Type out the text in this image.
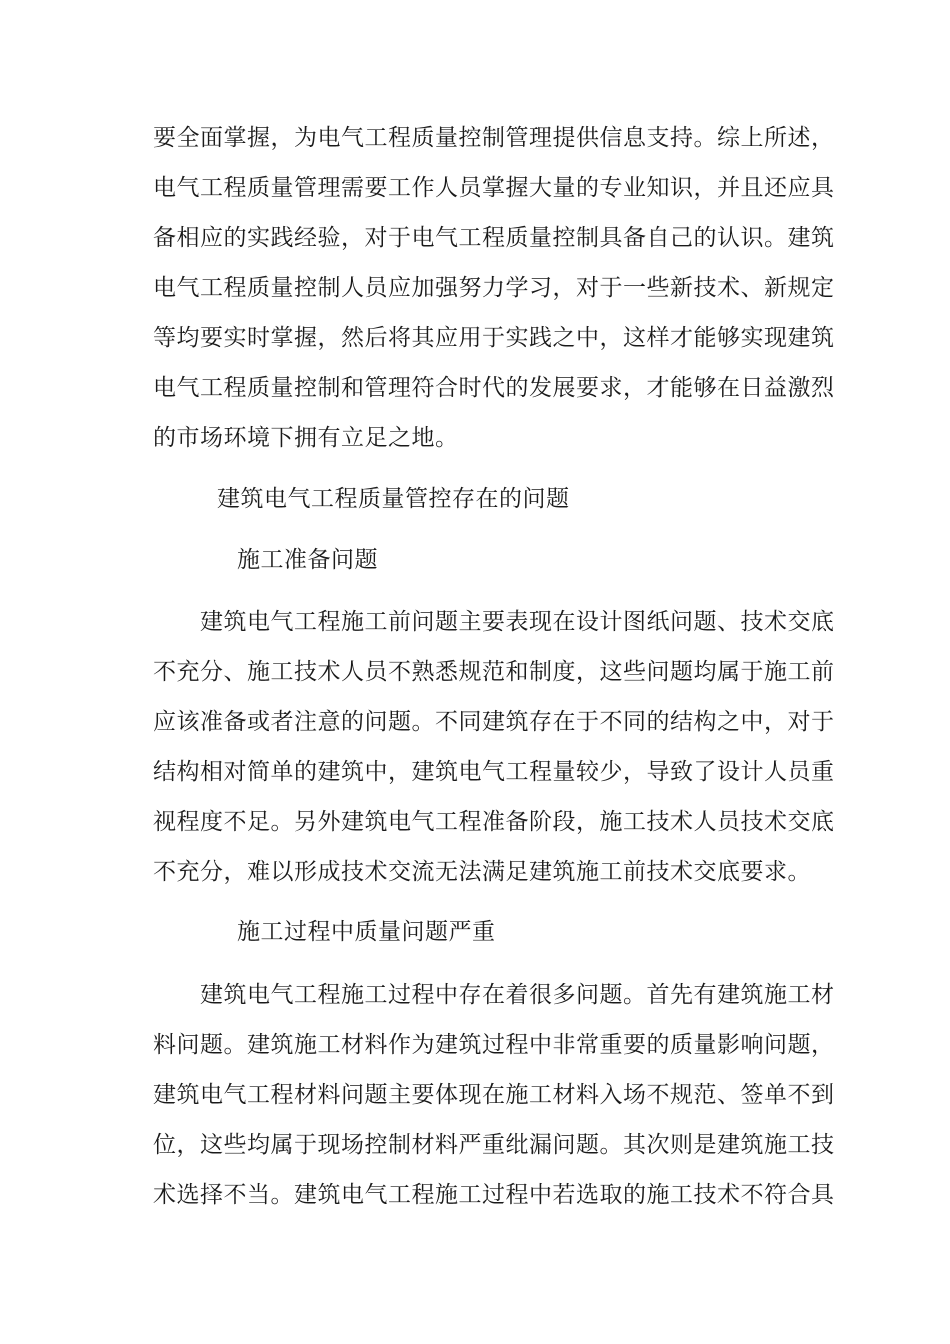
要全面掌握，为电气工程质量控制管理提供信息支持。综上所述，
电气工程质量管理需要工作人员掌握大量的专业知识，并且还应具
备相应的实践经验，对于电气工程质量控制具备自己的认识。建筑
电气工程质量控制人员应加强努力学习，对于一些新技术、新规定
等均要实时掌握，然后将其应用于实践之中，这样才能够实现建筑
电气工程质量控制和管理符合时代的发展要求，才能够在日益激烈
的市场环境下拥有立足之地。
建筑电气工程质量管控存在的问题
施工准备问题
建筑电气工程施工前问题主要表现在设计图纸问题、技术交底
不充分、施工技术人员不熟悉规范和制度，这些问题均属于施工前
应该准备或者注意的问题。不同建筑存在于不同的结构之中，对于
结构相对简单的建筑中，建筑电气工程量较少，导致了设计人员重
视程度不足。另外建筑电气工程准备阶段，施工技术人员技术交底
不充分，难以形成技术交流无法满足建筑施工前技术交底要求。
施工过程中质量问题严重
建筑电气工程施工过程中存在着很多问题。首先有建筑施工材
料问题。建筑施工材料作为建筑过程中非常重要的质量影响问题，
建筑电气工程材料问题主要体现在施工材料入场不规范、签单不到
位，这些均属于现场控制材料严重纰漏问题。其次则是建筑施工技
术选择不当。建筑电气工程施工过程中若选取的施工技术不符合具
